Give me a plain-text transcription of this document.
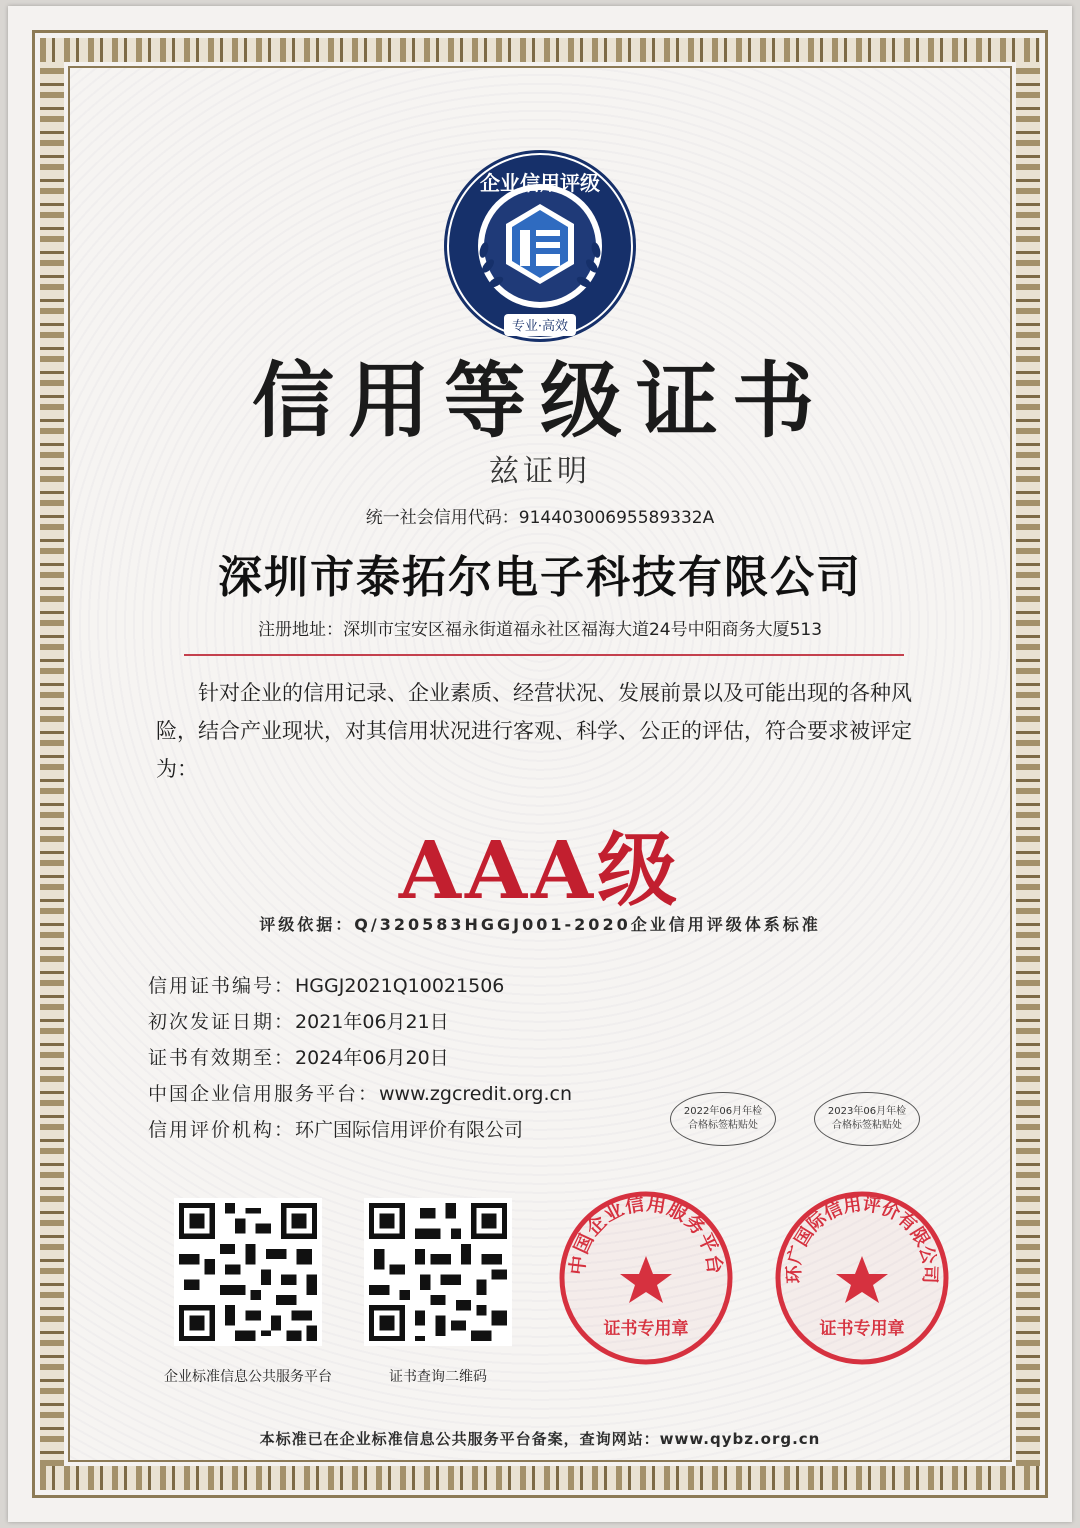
企业信用评级
专业·高效
信用等级证书
兹证明
统一社会信用代码：91440300695589332A
深圳市泰拓尔电子科技有限公司
注册地址：深圳市宝安区福永街道福永社区福海大道24号中阳商务大厦513
针对企业的信用记录、企业素质、经营状况、发展前景以及可能出现的各种风险，结合产业现状，对其信用状况进行客观、科学、公正的评估，符合要求被评定为：
AAA级
评级依据：Q/320583HGGJ001-2020企业信用评级体系标准
信用证书编号：HGGJ2021Q10021506
初次发证日期：2021年06月21日
证书有效期至：2024年06月20日
中国企业信用服务平台：www.zgcredit.org.cn
信用评价机构：环广国际信用评价有限公司
2022年06月年检
合格标签粘贴处
2023年06月年检
合格标签粘贴处
企业标准信息公共服务平台	证书查询二维码
中国企业信用服务平台
证书专用章
环广国际信用评价有限公司
证书专用章
本标准已在企业标准信息公共服务平台备案，查询网站：www.qybz.org.cn
